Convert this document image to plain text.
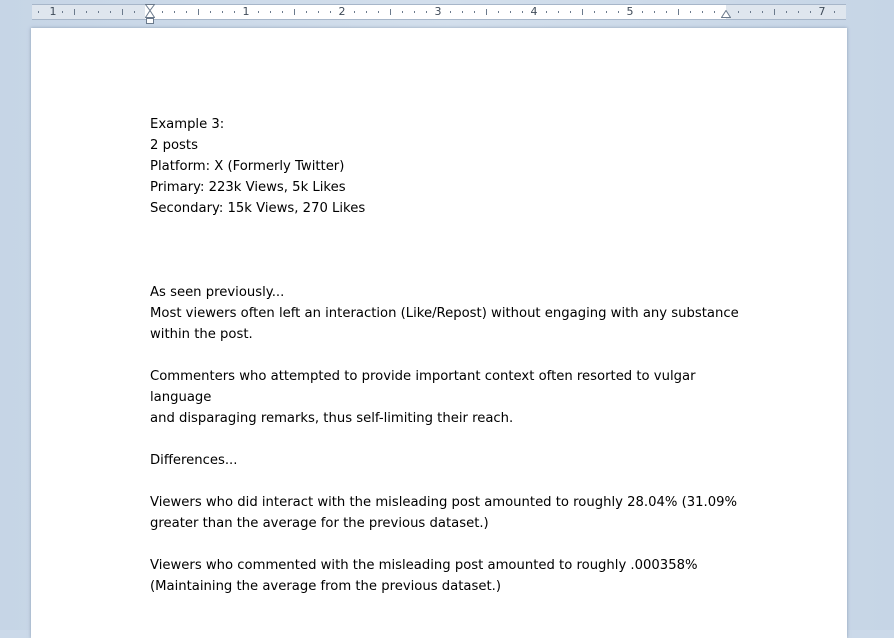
1	1	2	3	4	5	7

Example 3:

2 posts

Platform: X (Formerly Twitter)

Primary: 223k Views, 5k Likes

Secondary: 15k Views, 270 Likes

As seen previously...

Most viewers often left an interaction (Like/Repost) without engaging with any substance

within the post.

Commenters who attempted to provide important context often resorted to vulgar language

and disparaging remarks, thus self-limiting their reach.

Differences...

Viewers who did interact with the misleading post amounted to roughly 28.04% (31.09%

greater than the average for the previous dataset.)

Viewers who commented with the misleading post amounted to roughly .000358%

(Maintaining the average from the previous dataset.)
